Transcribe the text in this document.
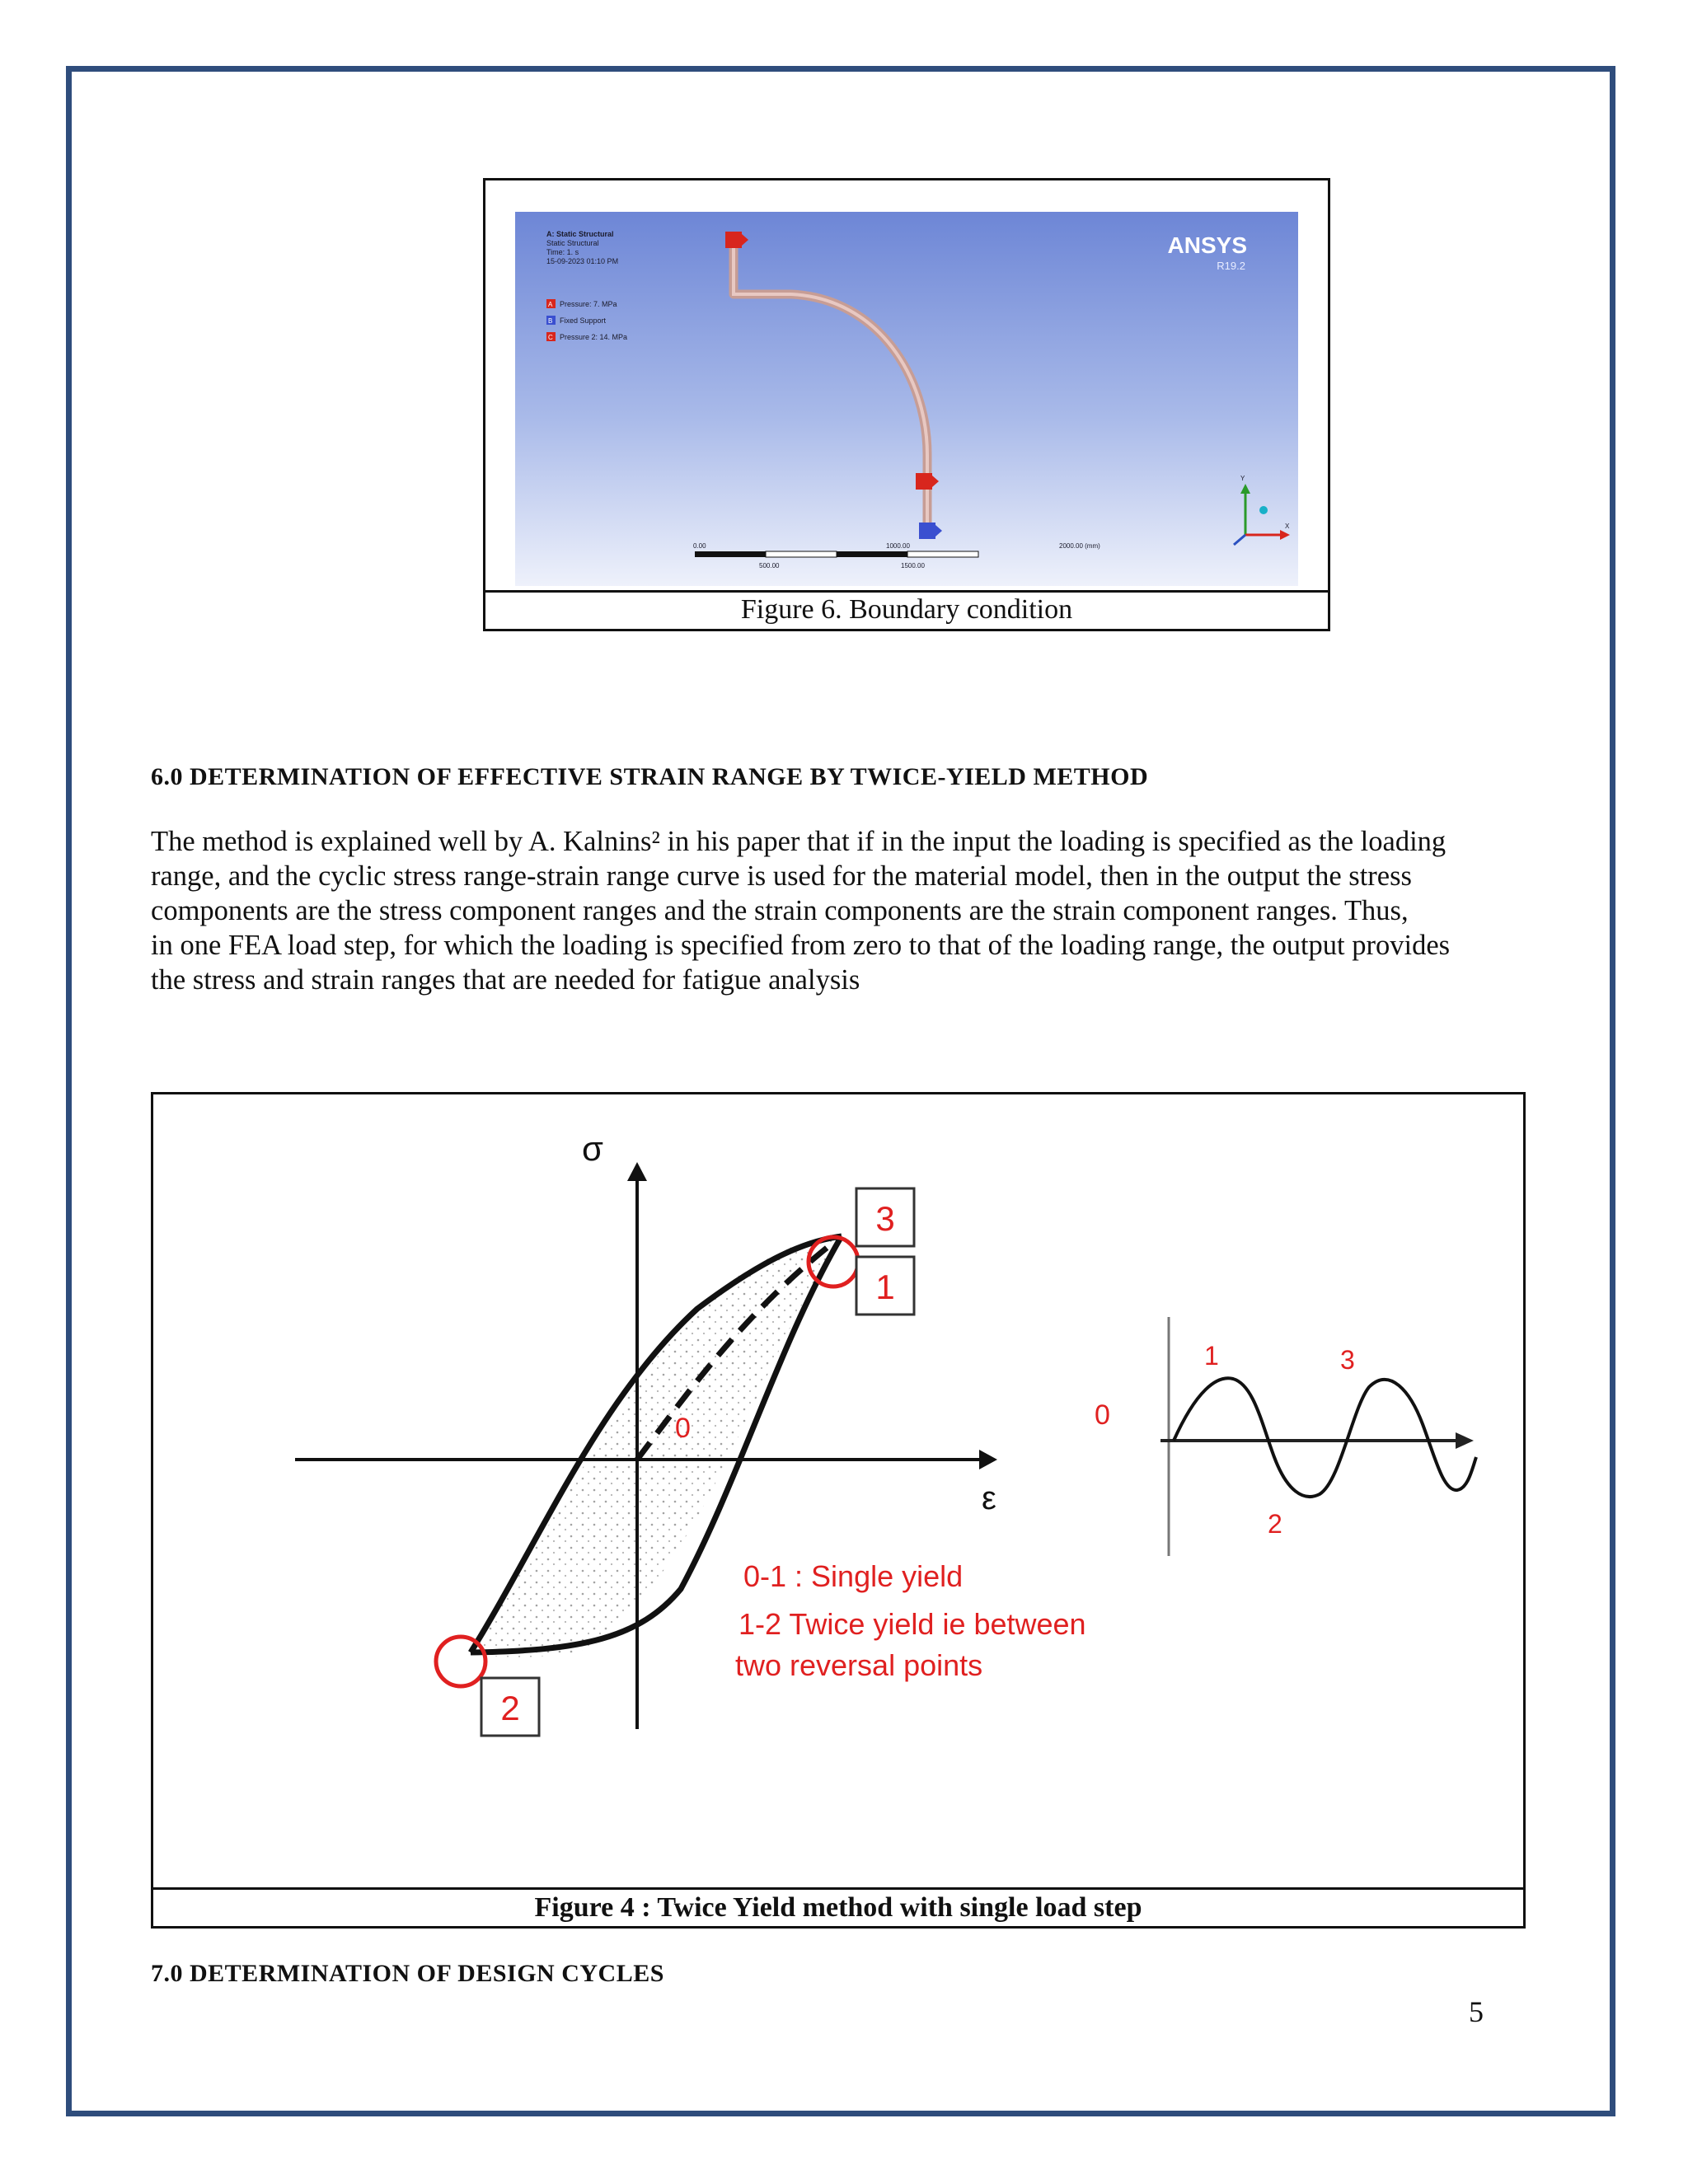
A: Static Structural
Static Structural
Time: 1. s
15-09-2023 01:10 PM
A Pressure: 7. MPa
B Fixed Support
C Pressure 2: 14. MPa
ANSYS
R19.2
0.00	1000.00	2000.00 (mm)
500.00	1500.00
Y
X
Figure 6. Boundary condition
6.0 DETERMINATION OF EFFECTIVE STRAIN RANGE BY TWICE-YIELD METHOD
The method is explained well by A. Kalnins² in his paper that if in the input the loading is specified as the loading
range, and the cyclic stress range-strain range curve is used for the material model, then in the output the stress
components are the stress component ranges and the strain components are the strain component ranges. Thus,
in one FEA load step, for which the loading is specified from zero to that of the loading range, the output provides
the stress and strain ranges that are needed for fatigue analysis
σ
ε
0
3
1
2
0-1 : Single yield
1-2 Twice yield ie between
two reversal points
1	3
0
2
Figure 4 : Twice Yield method with single load step
7.0 DETERMINATION OF DESIGN CYCLES
5
